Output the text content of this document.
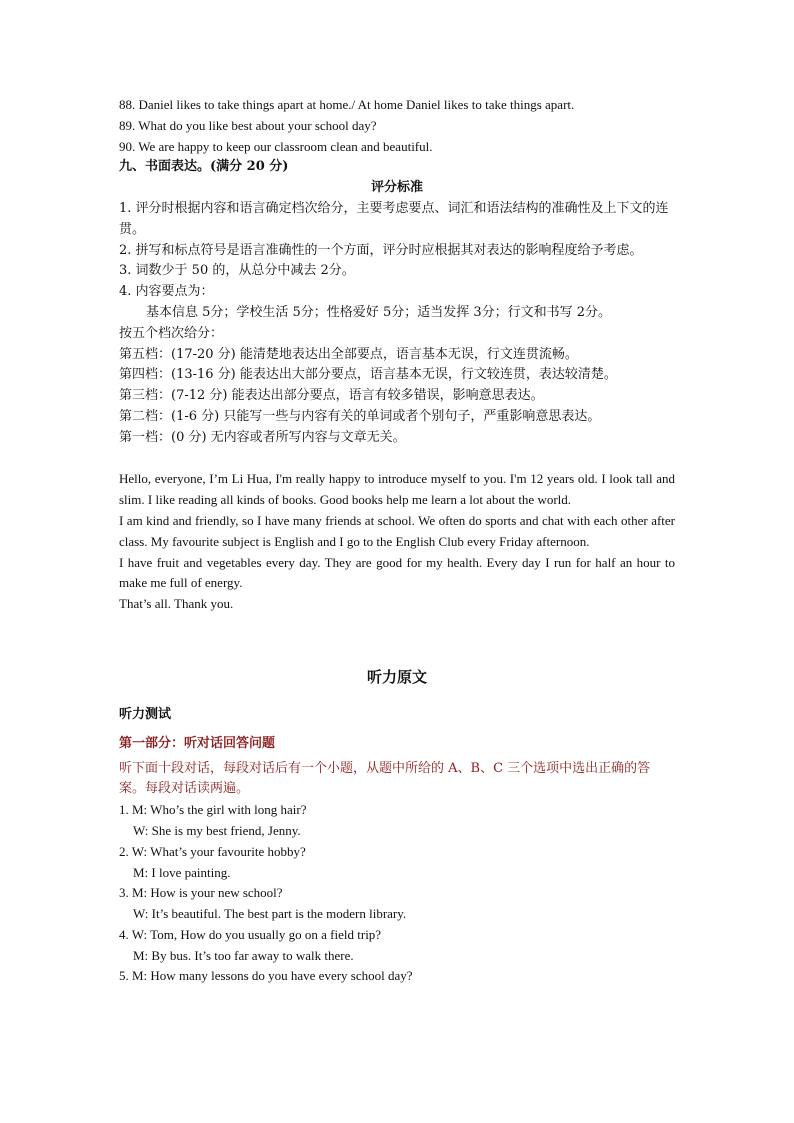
88. Daniel likes to take things apart at home./ At home Daniel likes to take things apart.
89. What do you like best about your school day?
90. We are happy to keep our classroom clean and beautiful.
九、书面表达。(满分 20 分)
评分标准
1. 评分时根据内容和语言确定档次给分，主要考虑要点、词汇和语法结构的准确性及上下文的连贯。
2. 拼写和标点符号是语言准确性的一个方面，评分时应根据其对表达的影响程度给予考虑。
3. 词数少于 50 的，从总分中减去 2分。
4. 内容要点为：
基本信息 5分；学校生活 5分；性格爱好 5分；适当发挥 3分；行文和书写 2分。
按五个档次给分：
第五档：(17-20 分) 能清楚地表达出全部要点，语言基本无误，行文连贯流畅。
第四档：(13-16 分) 能表达出大部分要点，语言基本无误，行文较连贯，表达较清楚。
第三档：(7-12 分) 能表达出部分要点，语言有较多错误，影响意思表达。
第二档：(1-6 分) 只能写一些与内容有关的单词或者个别句子，严重影响意思表达。
第一档：(0 分) 无内容或者所写内容与文章无关。
Hello, everyone, I’m Li Hua, I'm really happy to introduce myself to you. I'm 12 years old. I look tall and slim. I like reading all kinds of books. Good books help me learn a lot about the world.
I am kind and friendly, so I have many friends at school. We often do sports and chat with each other after class. My favourite subject is English and I go to the English Club every Friday afternoon.
I have fruit and vegetables every day. They are good for my health. Every day I run for half an hour to make me full of energy.
That’s all. Thank you.
听力原文
听力测试
第一部分：听对话回答问题
听下面十段对话，每段对话后有一个小题，从题中所给的 A、B、C 三个选项中选出正确的答案。每段对话读两遍。
1. M: Who’s the girl with long hair?
W: She is my best friend, Jenny.
2. W: What’s your favourite hobby?
M: I love painting.
3. M: How is your new school?
W: It’s beautiful. The best part is the modern library.
4. W: Tom, How do you usually go on a field trip?
M: By bus. It’s too far away to walk there.
5. M: How many lessons do you have every school day?
